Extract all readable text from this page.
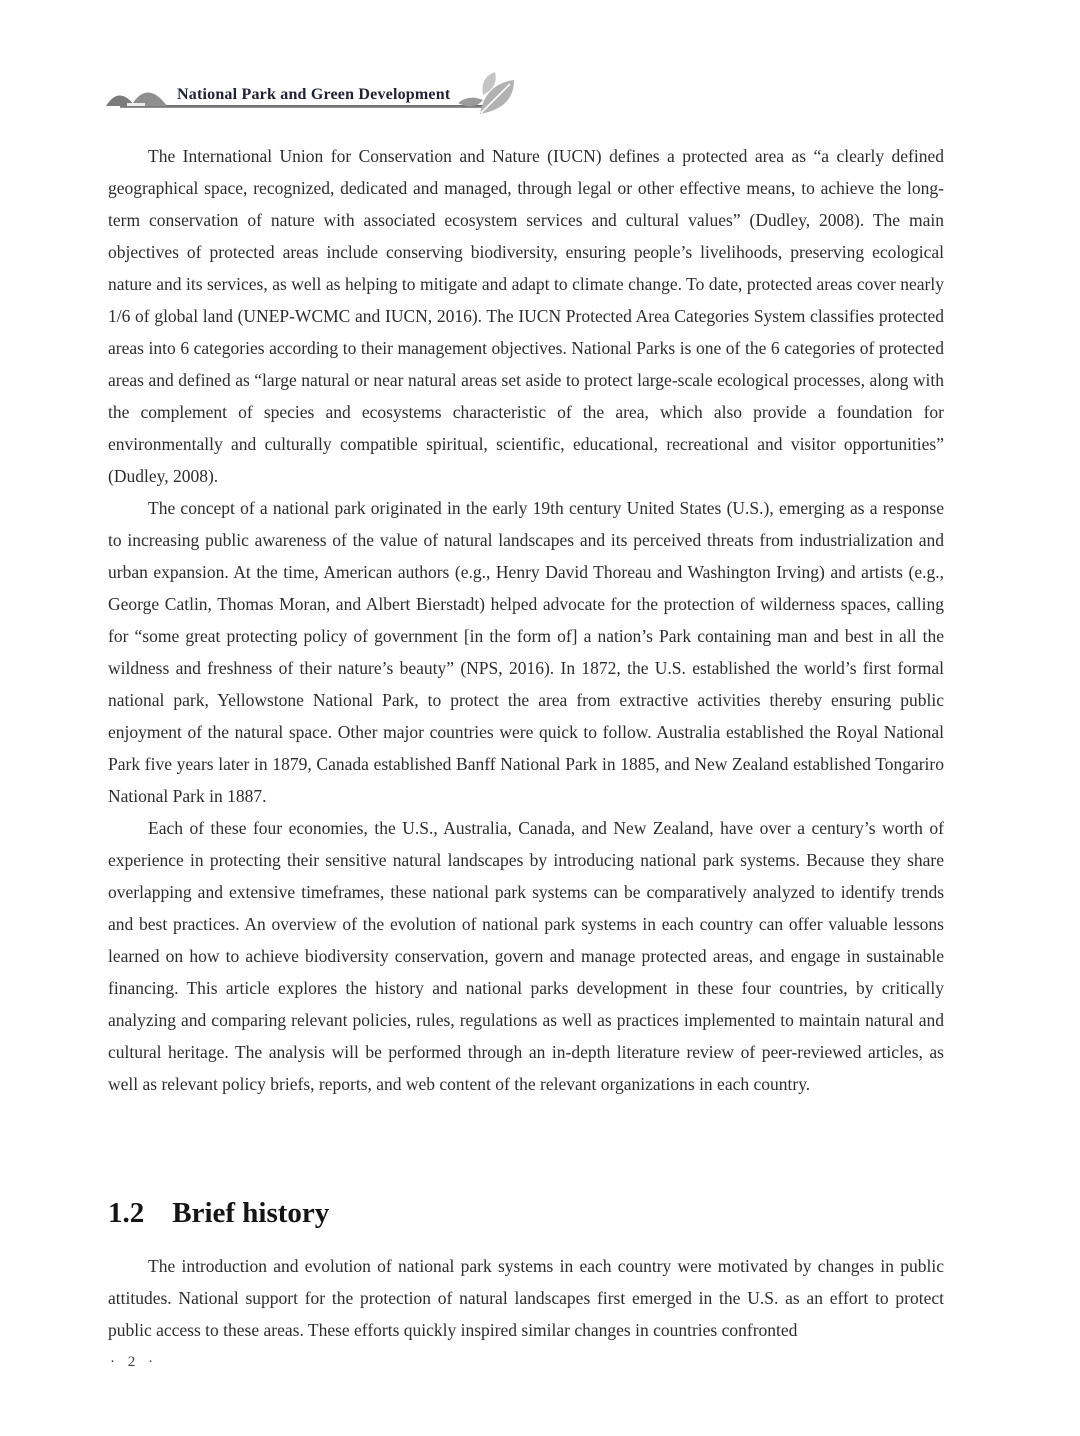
National Park and Green Development

The International Union for Conservation and Nature (IUCN) defines a protected area as “a clearly defined geographical space, recognized, dedicated and managed, through legal or other effective means, to achieve the long-term conservation of nature with associated ecosystem services and cultural values” (Dudley, 2008). The main objectives of protected areas include conserving biodiversity, ensuring people’s livelihoods, preserving ecological nature and its services, as well as helping to mitigate and adapt to climate change. To date, protected areas cover nearly 1/6 of global land (UNEP-WCMC and IUCN, 2016). The IUCN Protected Area Categories System classifies protected areas into 6 categories according to their management objectives. National Parks is one of the 6 categories of protected areas and defined as “large natural or near natural areas set aside to protect large-scale ecological processes, along with the complement of species and ecosystems characteristic of the area, which also provide a foundation for environmentally and culturally compatible spiritual, scientific, educational, recreational and visitor opportunities” (Dudley, 2008).

The concept of a national park originated in the early 19th century United States (U.S.), emerging as a response to increasing public awareness of the value of natural landscapes and its perceived threats from industrialization and urban expansion. At the time, American authors (e.g., Henry David Thoreau and Washington Irving) and artists (e.g., George Catlin, Thomas Moran, and Albert Bierstadt) helped advocate for the protection of wilderness spaces, calling for “some great protecting policy of government [in the form of] a nation’s Park containing man and best in all the wildness and freshness of their nature’s beauty” (NPS, 2016). In 1872, the U.S. established the world’s first formal national park, Yellowstone National Park, to protect the area from extractive activities thereby ensuring public enjoyment of the natural space. Other major countries were quick to follow. Australia established the Royal National Park five years later in 1879, Canada established Banff National Park in 1885, and New Zealand established Tongariro National Park in 1887.

Each of these four economies, the U.S., Australia, Canada, and New Zealand, have over a century’s worth of experience in protecting their sensitive natural landscapes by introducing national park systems. Because they share overlapping and extensive timeframes, these national park systems can be comparatively analyzed to identify trends and best practices. An overview of the evolution of national park systems in each country can offer valuable lessons learned on how to achieve biodiversity conservation, govern and manage protected areas, and engage in sustainable financing. This article explores the history and national parks development in these four countries, by critically analyzing and comparing relevant policies, rules, regulations as well as practices implemented to maintain natural and cultural heritage. The analysis will be performed through an in-depth literature review of peer-reviewed articles, as well as relevant policy briefs, reports, and web content of the relevant organizations in each country.

1.2 Brief history

The introduction and evolution of national park systems in each country were motivated by changes in public attitudes. National support for the protection of natural landscapes first emerged in the U.S. as an effort to protect public access to these areas. These efforts quickly inspired similar changes in countries confronted

· 2 ·
